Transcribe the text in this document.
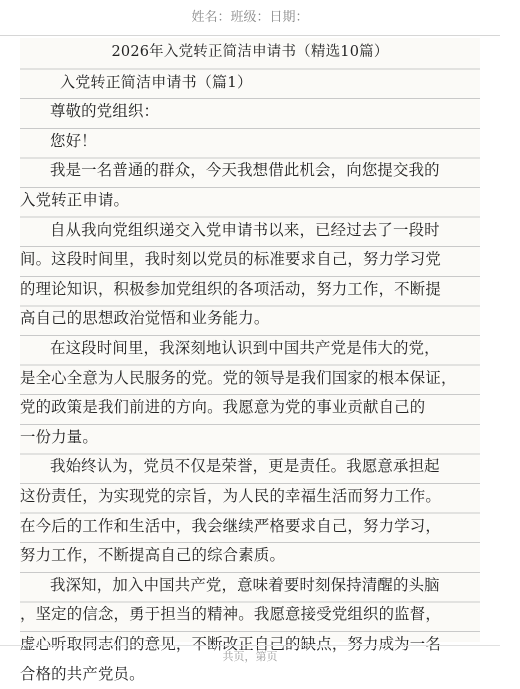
姓名：班级：日期：
2026年入党转正简洁申请书（精选10篇）
入党转正简洁申请书（篇1）
尊敬的党组织：
您好！
我是一名普通的群众，今天我想借此机会，向您提交我的
入党转正申请。
自从我向党组织递交入党申请书以来，已经过去了一段时
间。这段时间里，我时刻以党员的标准要求自己，努力学习党
的理论知识，积极参加党组织的各项活动，努力工作，不断提
高自己的思想政治觉悟和业务能力。
在这段时间里，我深刻地认识到中国共产党是伟大的党，
是全心全意为人民服务的党。党的领导是我们国家的根本保证，
党的政策是我们前进的方向。我愿意为党的事业贡献自己的
一份力量。
我始终认为，党员不仅是荣誉，更是责任。我愿意承担起
这份责任，为实现党的宗旨，为人民的幸福生活而努力工作。
在今后的工作和生活中，我会继续严格要求自己，努力学习，
努力工作，不断提高自己的综合素质。
我深知，加入中国共产党，意味着要时刻保持清醒的头脑
，坚定的信念，勇于担当的精神。我愿意接受党组织的监督，
虚心听取同志们的意见，不断改正自己的缺点，努力成为一名
合格的共产党员。
共页，第页
